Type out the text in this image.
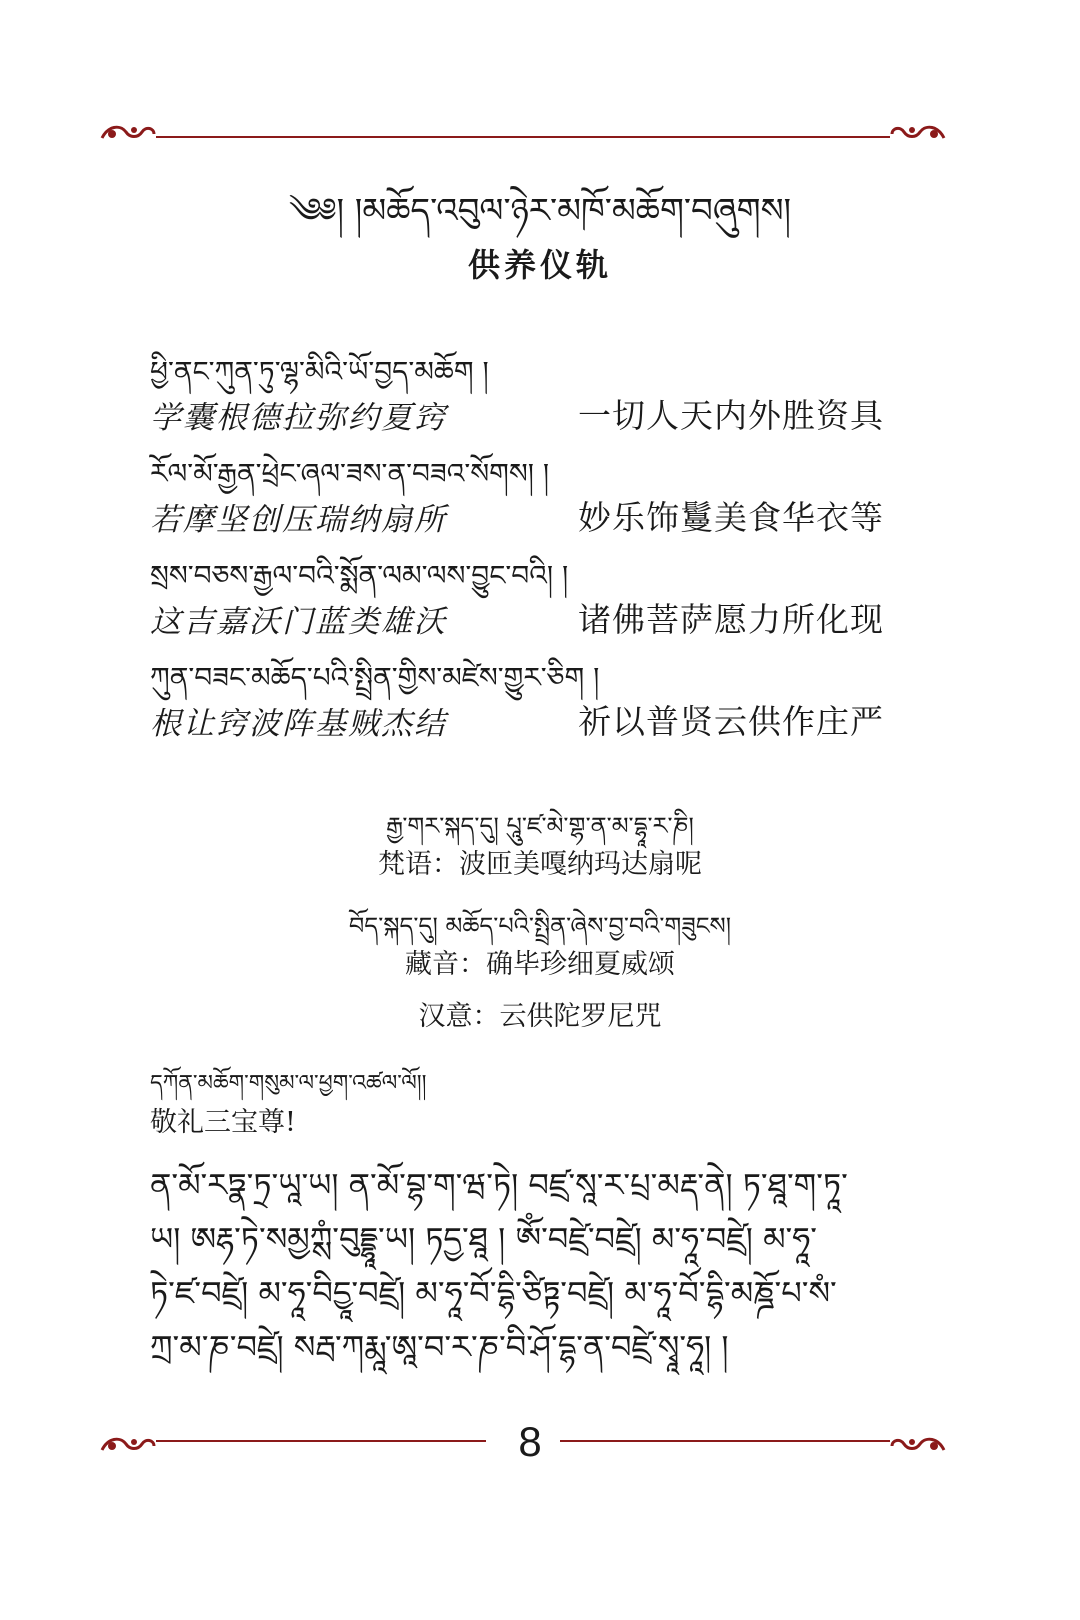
༄༅། །མཆོད་འབུལ་ཉེར་མཁོ་མཆོག་བཞུགས།
供养仪轨
ཕྱི་ནང་ཀུན་ཏུ་ལྷ་མིའི་ཡོ་བྱད་མཆོག །
学囊根德拉弥约夏窍	一切人天内外胜资具
རོལ་མོ་རྒྱན་ཕྲེང་ཞལ་ཟས་ན་བཟའ་སོགས། །
若摩坚创压瑞纳扇所	妙乐饰鬘美食华衣等
སྲས་བཅས་རྒྱལ་བའི་སྨོན་ལམ་ལས་བྱུང་བའི། །
这吉嘉沃门蓝类雄沃	诸佛菩萨愿力所化现
ཀུན་བཟང་མཆོད་པའི་སྤྲིན་གྱིས་མཛེས་གྱུར་ཅིག །
根让窍波阵基贼杰结	祈以普贤云供作庄严
རྒྱ་གར་སྐད་དུ། པཱུ་ཛ་མེ་གྷ་ན་མ་དྷཱ་ར་ཎི།
梵语：波匝美嘎纳玛达扇呢
བོད་སྐད་དུ། མཆོད་པའི་སྤྲིན་ཞེས་བྱ་བའི་གཟུངས།
藏音：确毕珍细夏威颂
汉意：云供陀罗尼咒
དཀོན་མཆོག་གསུམ་ལ་ཕྱག་འཚལ་ལོ།།
敬礼三宝尊!
ན་མོ་རཏྣ་ཏྲ་ཡཱ་ཡ། ན་མོ་བྷ་ག་ཝ་ཏེ། བཛྲ་སཱ་ར་པྲ་མརྡ་ནེ། ཏ་ཐཱ་ག་ཏཱ་
ཡ། ཨརྷ་ཏེ་སམྱཀྶཾ་བུདྡྷཱ་ཡ། ཏདྱ་ཐཱ ། ཨོཾ་བཛྲེ་བཛྲེ། མ་ཧཱ་བཛྲེ། མ་ཧཱ་
ཏེ་ཛ་བཛྲེ། མ་ཧཱ་བིདྱཱ་བཛྲེ། མ་ཧཱ་བོ་དྷི་ཙིཏྟ་བཛྲེ། མ་ཧཱ་བོ་དྷི་མཎྜོ་པ་སཾ་
ཀྲ་མ་ཎ་བཛྲེ། སརྦ་ཀརྨཱ་ཨཱ་བ་ར་ཎ་བི་ཤོ་དྷ་ན་བཛྲེ་སྭཱ་ཧཱ། །
8
